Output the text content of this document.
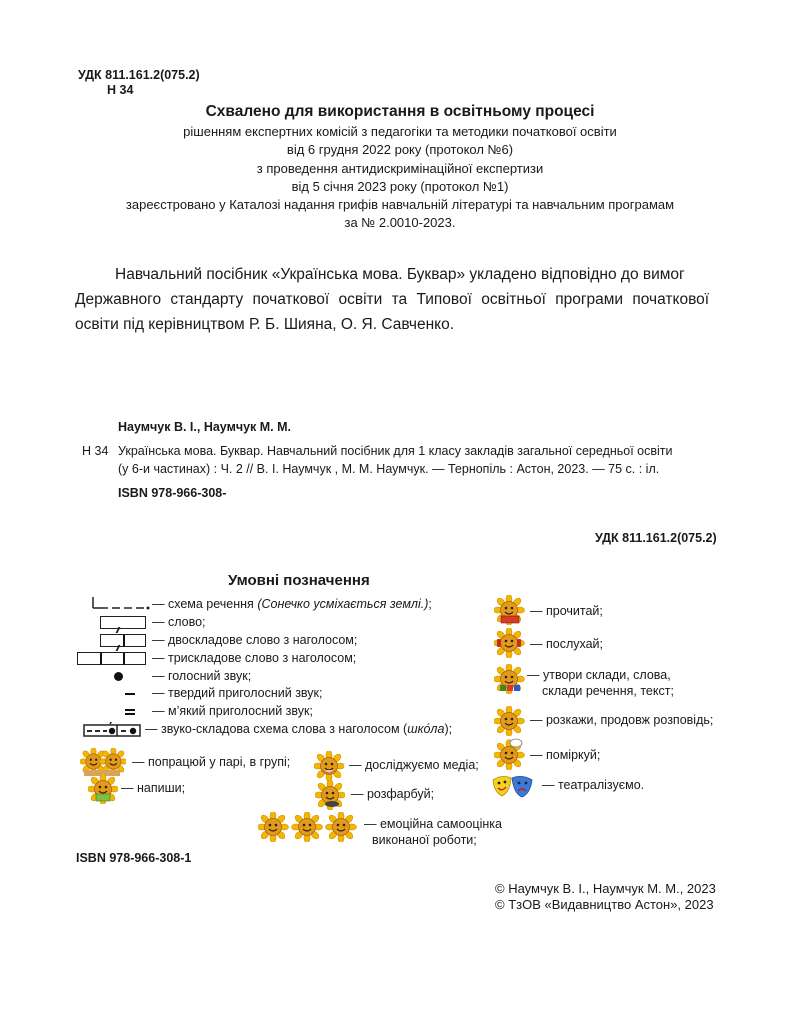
УДК 811.161.2(075.2)
Н 34
Схвалено для використання в освітньому процесі
рішенням експертних комісій з педагогіки та методики початкової освіти
від 6 грудня 2022 року (протокол №6)
з проведення антидискримінаційної експертизи
від 5 січня 2023 року (протокол №1)
зареєстровано у Каталозі надання грифів навчальній літературі та навчальним програмам
за № 2.0010-2023.
Навчальний посібник «Українська мова. Буквар» укладено відповідно до вимог
Державного стандарту початкової освіти та Типової освітньої програми початкової
освіти під керівництвом Р. Б. Шияна, О. Я. Савченко.
Наумчук В. І., Наумчук М. М.
Н 34 Українська мова. Буквар. Навчальний посібник для 1 класу закладів загальної середньої освіти
(у 6-и частинах) : Ч. 2 // В. І. Наумчук , М. М. Наумчук. — Тернопіль : Астон, 2023. — 75 с. : іл.
ISBN 978-966-308-
УДК 811.161.2(075.2)
Умовні позначення
— схема речення (Сонечко усміхається землі.);
— слово;
— двоскладове слово з наголосом;
— трискладове слово з наголосом;
— голосний звук;
— твердий приголосний звук;
— м’який приголосний звук;
— звуко-складова схема слова з наголосом (шко́ла);
— попрацюй у парі, в групі;
— напиши;
— досліджуємо медіа;
— розфарбуй;
— емоційна самооцінка
виконаної роботи;
— прочитай;
— послухай;
— утвори склади, слова,
склади речення, текст;
— розкажи, продовж розповідь;
— поміркуй;
— театралізуємо.
ISBN 978-966-308-1
© Наумчук В. І., Наумчук М. М., 2023
© ТзОВ «Видавництво Астон», 2023
